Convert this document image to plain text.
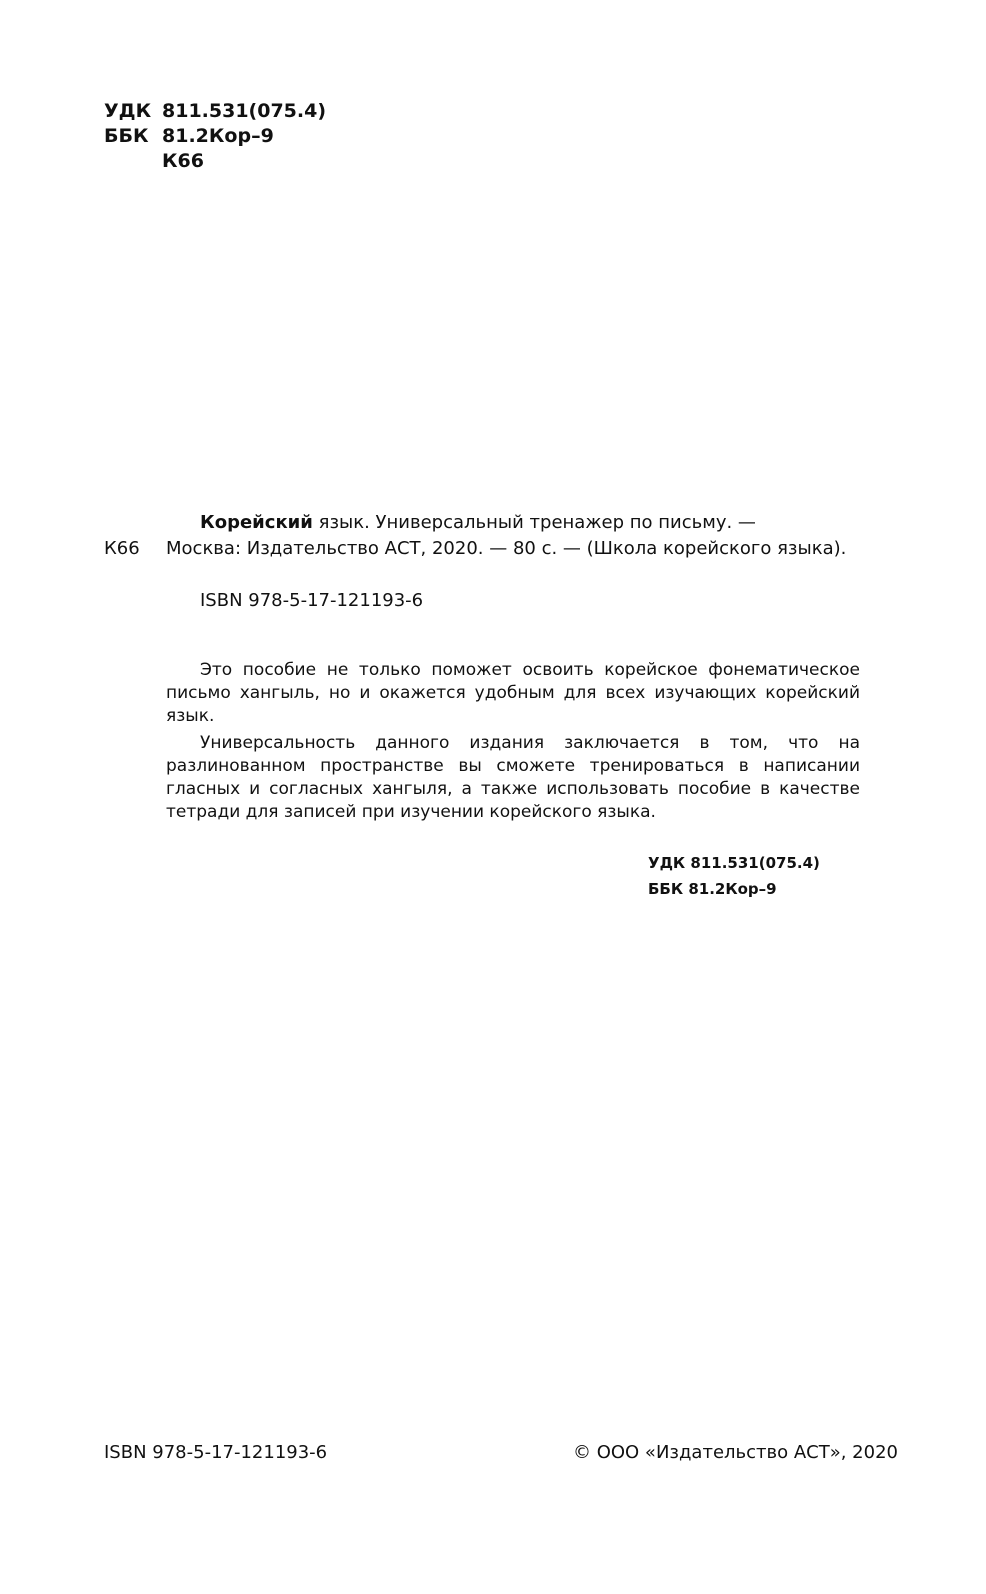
УДК 811.531(075.4)
ББК 81.2Кор–9
К66
Корейский язык. Универсальный тренажер по письму. —
К66 Москва: Издательство АСТ, 2020. — 80 с. — (Школа корейского языка).
ISBN 978-5-17-121193-6

Это пособие не только поможет освоить корейское фонематическое письмо хангыль, но и окажется удобным для всех изучающих корейский язык.

Универсальность данного издания заключается в том, что на разлинованном пространстве вы сможете тренироваться в написании гласных и согласных хангыля, а также использовать пособие в качестве тетради для записей при изучении корейского языка.

УДК 811.531(075.4)
ББК 81.2Кор–9
ISBN 978-5-17-121193-6	© ООО «Издательство АСТ», 2020
